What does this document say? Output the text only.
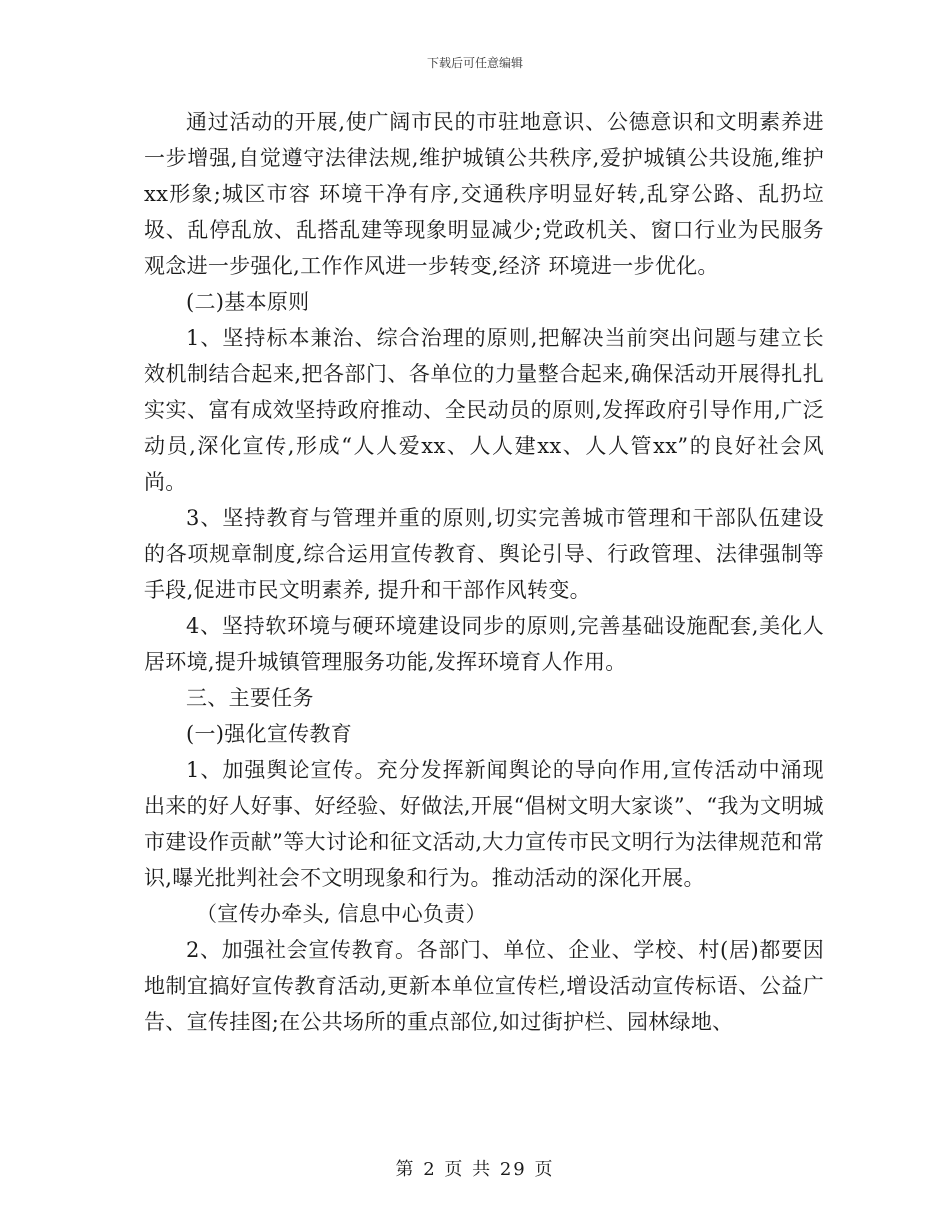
下载后可任意编辑

通过活动的开展,使广阔市民的市驻地意识、公德意识和文明素养进一步增强,自觉遵守法律法规,维护城镇公共秩序,爱护城镇公共设施,维护xx形象;城区市容 环境干净有序,交通秩序明显好转,乱穿公路、乱扔垃圾、乱停乱放、乱搭乱建等现象明显减少;党政机关、窗口行业为民服务观念进一步强化,工作作风进一步转变,经济 环境进一步优化。

(二)基本原则

1、坚持标本兼治、综合治理的原则,把解决当前突出问题与建立长效机制结合起来,把各部门、各单位的力量整合起来,确保活动开展得扎扎实实、富有成效坚持政府推动、全民动员的原则,发挥政府引导作用,广泛动员,深化宣传,形成“人人爱xx、人人建xx、人人管xx”的良好社会风尚。

3、坚持教育与管理并重的原则,切实完善城市管理和干部队伍建设的各项规章制度,综合运用宣传教育、舆论引导、行政管理、法律强制等手段,促进市民文明素养, 提升和干部作风转变。

4、坚持软环境与硬环境建设同步的原则,完善基础设施配套,美化人居环境,提升城镇管理服务功能,发挥环境育人作用。

三、主要任务

(一)强化宣传教育

1、加强舆论宣传。充分发挥新闻舆论的导向作用,宣传活动中涌现出来的好人好事、好经验、好做法,开展“倡树文明大家谈”、“我为文明城市建设作贡献”等大讨论和征文活动,大力宣传市民文明行为法律规范和常识,曝光批判社会不文明现象和行为。推动活动的深化开展。

（宣传办牵头, 信息中心负责）

2、加强社会宣传教育。各部门、单位、企业、学校、村(居)都要因地制宜搞好宣传教育活动,更新本单位宣传栏,增设活动宣传标语、公益广告、宣传挂图;在公共场所的重点部位,如过街护栏、园林绿地、

第 2 页 共 29 页
